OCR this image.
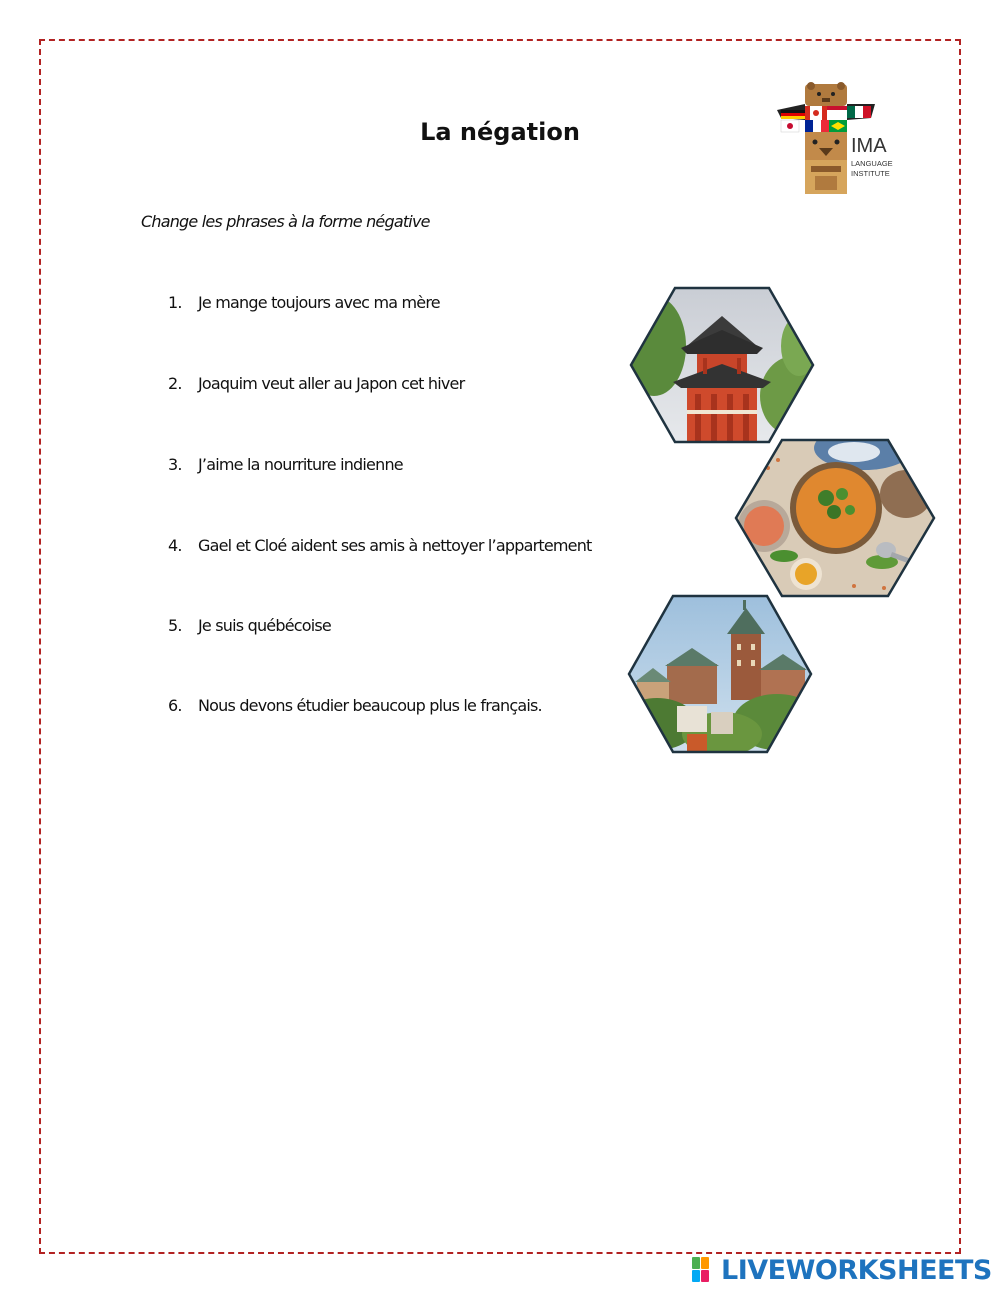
La négation
Change les phrases à la forme négative
1. Je mange toujours avec ma mère
2. Joaquim veut aller au Japon cet hiver
3. J’aime la nourriture indienne
4. Gael et Cloé aident ses amis à nettoyer l’appartement
5. Je suis québécoise
6. Nous devons étudier beaucoup plus le français.
IMA
LANGUAGE
INSTITUTE
LIVEWORKSHEETS
